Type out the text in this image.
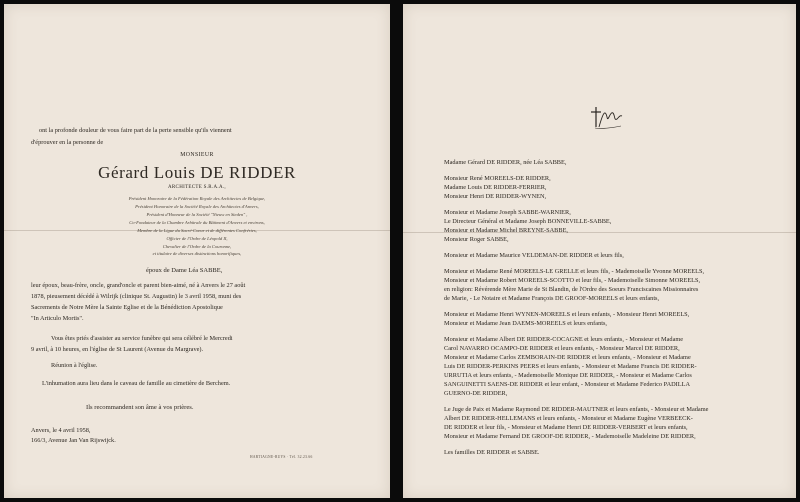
ont la profonde douleur de vous faire part de la perte sensible qu'ils viennent
d'éprouver en la personne de
MONSIEUR
Gérard Louis DE RIDDER
ARCHITECTE S.R.A.A.,
Président Honoraire de la Fédération Royale des Architectes de Belgique,
Président Honoraire de la Société Royale des Architectes d'Anvers,
Président d'Honneur de la Société "Nieuw en Steden" ,
Co-Fondateur de la Chambre Arbitrale du Bâtiment d'Anvers et environs,
Membre de la Ligue du Sacré-Coeur et de différentes Confréries,
Officier de l'Ordre de Léopold II,
Chevalier de l'Ordre de la Couronne,
et titulaire de diverses distinctions honorifiques,
époux de Dame Léa SABBE,
leur époux, beau-frère, oncle, grand'oncle et parent bien-aimé, né à Anvers le 27 août
1878, pieusement décédé à Wilrijk (clinique St. Augustin) le 3 avril 1958, muni des
Sacrements de Notre Mère la Sainte Eglise et de la Bénédiction Apostolique
"In Articulo Mortis".
Vous êtes priés d'assister au service funèbre qui sera célébré le Mercredi
9 avril, à 10 heures, en l'église de St Laurent (Avenue du Margrave).
Réunion à l'église.
L'inhumation aura lieu dans le caveau de famille au cimetière de Berchem.
Ils recommandent son âme à vos prières.
Anvers, le 4 avril 1958,
166/3, Avenue Jan Van Rijswijck.
HARTIAGNE-RUYS · Tél. 32.23.66
Madame Gérard DE RIDDER, née Léa SABBE,
Monsieur René MOREELS-DE RIDDER,
Madame Louis DE RIDDER-FERRIER,
Monsieur Henri DE RIDDER-WYNEN,
Monsieur et Madame Joseph SABBE-WARNIER,
Le Directeur Général et Madame Joseph BONNEVILLE-SABBE,
Monsieur et Madame Michel BREYNE-SABBE,
Monsieur Roger SABBE,
Monsieur et Madame Maurice VELDEMAN-DE RIDDER et leurs fils,
Monsieur et Madame René MOREELS-LE GRELLE et leurs fils, - Mademoiselle Yvonne MOREELS,
Monsieur et Madame Robert MOREELS-SCOTTO et leur fils, - Mademoiselle Simonne MOREELS,
en religion: Révérende Mère Marie de St Blandin, de l'Ordre des Soeurs Franciscaines Missionnaires
de Marie, - Le Notaire et Madame François DE GROOF-MOREELS et leurs enfants,
Monsieur et Madame Henri WYNEN-MOREELS et leurs enfants, - Monsieur Henri MOREELS,
Monsieur et Madame Jean DAEMS-MOREELS et leurs enfants,
Monsieur et Madame Albert DE RIDDER-COCAGNE et leurs enfants, - Monsieur et Madame
Carol NAVARRO OCAMPO-DE RIDDER et leurs enfants, - Monsieur Marcel DE RIDDER,
Monsieur et Madame Carlos ZEMBORAIN-DE RIDDER et leurs enfants, - Monsieur et Madame
Luis DE RIDDER-PERKINS PEERS et leurs enfants, - Monsieur et Madame Francis DE RIDDER-
URRUTIA et leurs enfants, - Mademoiselle Monique DE RIDDER, - Monsieur et Madame Carlos
SANGUINETTI SAENS-DE RIDDER et leur enfant, - Monsieur et Madame Federico PADILLA
GUERNO-DE RIDDER,
Le Juge de Paix et Madame Raymond DE RIDDER-MAUTNER et leurs enfants, - Monsieur et Madame
Albert DE RIDDER-HELLEMANS et leurs enfants, - Monsieur et Madame Eugène VERBEECK-
DE RIDDER et leur fils, - Monsieur et Madame Henri DE RIDDER-VERBERT et leurs enfants,
Monsieur et Madame Fernand DE GROOF-DE RIDDER, - Mademoiselle Madeleine DE RIDDER,
Les familles DE RIDDER et SABBE.
